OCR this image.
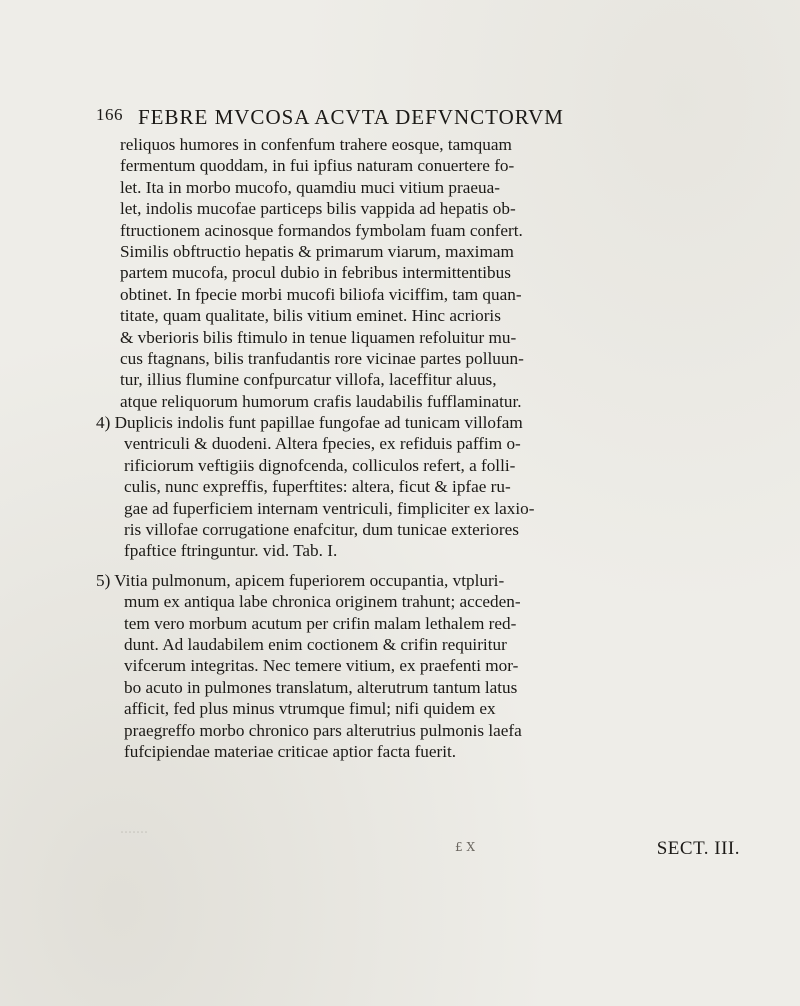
.......
166 FEBRE MVCOSA ACVTA DEFVNCTORVM
reliquos humores in confenfum trahere eosque, tamquam
fermentum quoddam, in fui ipfius naturam conuertere fo-
let. Ita in morbo mucofo, quamdiu muci vitium praeua-
let, indolis mucofae particeps bilis vappida ad hepatis ob-
ftructionem acinosque formandos fymbolam fuam confert.
Similis obftructio hepatis & primarum viarum, maximam
partem mucofa, procul dubio in febribus intermittentibus
obtinet. In fpecie morbi mucofi biliofa viciffim, tam quan-
titate, quam qualitate, bilis vitium eminet. Hinc acrioris
& vberioris bilis ftimulo in tenue liquamen refoluitur mu-
cus ftagnans, bilis tranfudantis rore vicinae partes polluun-
tur, illius flumine confpurcatur villofa, laceffitur aluus,
atque reliquorum humorum crafis laudabilis fufflaminatur.
4) Duplicis indolis funt papillae fungofae ad tunicam villofam
ventriculi & duodeni. Altera fpecies, ex refiduis paffim o-
rificiorum veftigiis dignofcenda, colliculos refert, a folli-
culis, nunc expreffis, fuperftites: altera, ficut & ipfae ru-
gae ad fuperficiem internam ventriculi, fimpliciter ex laxio-
ris villofae corrugatione enafcitur, dum tunicae exteriores
fpaftice ftringuntur. vid. Tab. I.
5) Vitia pulmonum, apicem fuperiorem occupantia, vtpluri-
mum ex antiqua labe chronica originem trahunt; acceden-
tem vero morbum acutum per crifin malam lethalem red-
dunt. Ad laudabilem enim coctionem & crifin requiritur
vifcerum integritas. Nec temere vitium, ex praefenti mor-
bo acuto in pulmones translatum, alterutrum tantum latus
afficit, fed plus minus vtrumque fimul; nifi quidem ex
praegreffo morbo chronico pars alterutrius pulmonis laefa
fufcipiendae materiae criticae aptior facta fuerit.
£ X	SECT. III.
